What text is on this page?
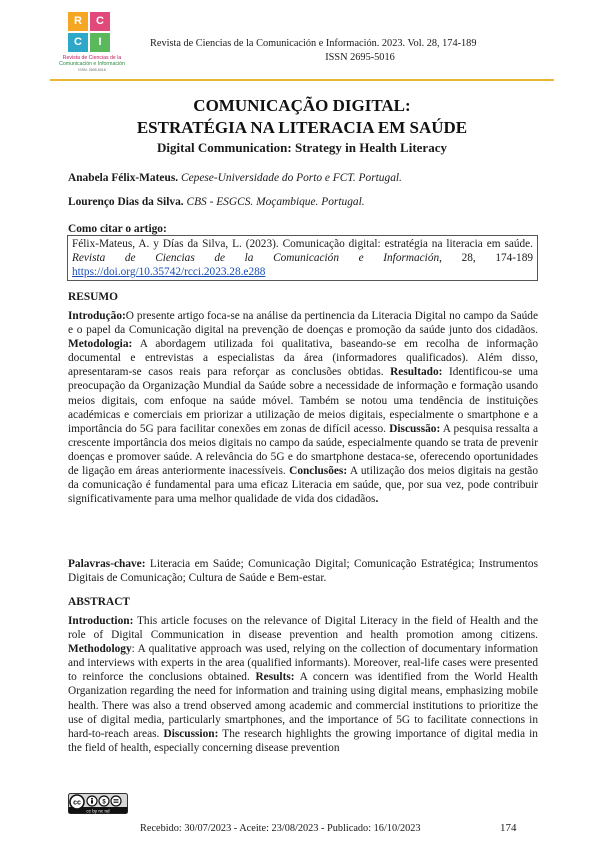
R	C
C	I
Revista de Ciencias de la
Comunicación e Información
ISSN: 2695-5016
Revista de Ciencias de la Comunicación e Información. 2023. Vol. 28, 174-189
ISSN 2695-5016
COMUNICAÇÃO DIGITAL:
ESTRATÉGIA NA LITERACIA EM SAÚDE
Digital Communication: Strategy in Health Literacy
Anabela Félix-Mateus. Cepese-Universidade do Porto e FCT. Portugal.
Lourenço Dias da Silva. CBS - ESGCS. Moçambique. Portugal.
Como citar o artigo:
Félix-Mateus, A. y Días da Silva, L. (2023). Comunicação digital: estratégia na literacia em saúde. Revista de Ciencias de la Comunicación e Información, 28, 174-189 https://doi.org/10.35742/rcci.2023.28.e288
RESUMO
Introdução:O presente artigo foca-se na análise da pertinencia da Literacia Digital no campo da Saúde e o papel da Comunicação digital na prevenção de doenças e promoção da saúde junto dos cidadãos. Metodologia: A abordagem utilizada foi qualitativa, baseando-se em recolha de informação documental e entrevistas a especialistas da área (informadores qualificados). Além disso, apresentaram-se casos reais para reforçar as conclusões obtidas. Resultado: Identificou-se uma preocupação da Organização Mundial da Saúde sobre a necessidade de informação e formação usando meios digitais, com enfoque na saúde móvel. Também se notou uma tendência de instituições académicas e comerciais em priorizar a utilização de meios digitais, especialmente o smartphone e a importância do 5G para facilitar conexões em zonas de difícil acesso. Discussão: A pesquisa ressalta a crescente importância dos meios digitais no campo da saúde, especialmente quando se trata de prevenir doenças e promover saúde. A relevância do 5G e do smartphone destaca-se, oferecendo oportunidades de ligação em áreas anteriormente inacessíveis. Conclusões: A utilização dos meios digitais na gestão da comunicação é fundamental para uma eficaz Literacia em saúde, que, por sua vez, pode contribuir significativamente para uma melhor qualidade de vida dos cidadãos.
Palavras-chave: Literacia em Saúde; Comunicação Digital; Comunicação Estratégica; Instrumentos Digitais de Comunicação; Cultura de Saúde e Bem-estar.
ABSTRACT
Introduction: This article focuses on the relevance of Digital Literacy in the field of Health and the role of Digital Communication in disease prevention and health promotion among citizens. Methodology: A qualitative approach was used, relying on the collection of documentary information and interviews with experts in the area (qualified informants). Moreover, real-life cases were presented to reinforce the conclusions obtained. Results: A concern was identified from the World Health Organization regarding the need for information and training using digital means, emphasizing mobile health. There was also a trend observed among academic and commercial institutions to prioritize the use of digital media, particularly smartphones, and the importance of 5G to facilitate connections in hard-to-reach areas. Discussion: The research highlights the growing importance of digital media in the field of health, especially concerning disease prevention
cc	$
cc by nc nd
Recebido: 30/07/2023 - Aceite: 23/08/2023 - Publicado: 16/10/2023	174
